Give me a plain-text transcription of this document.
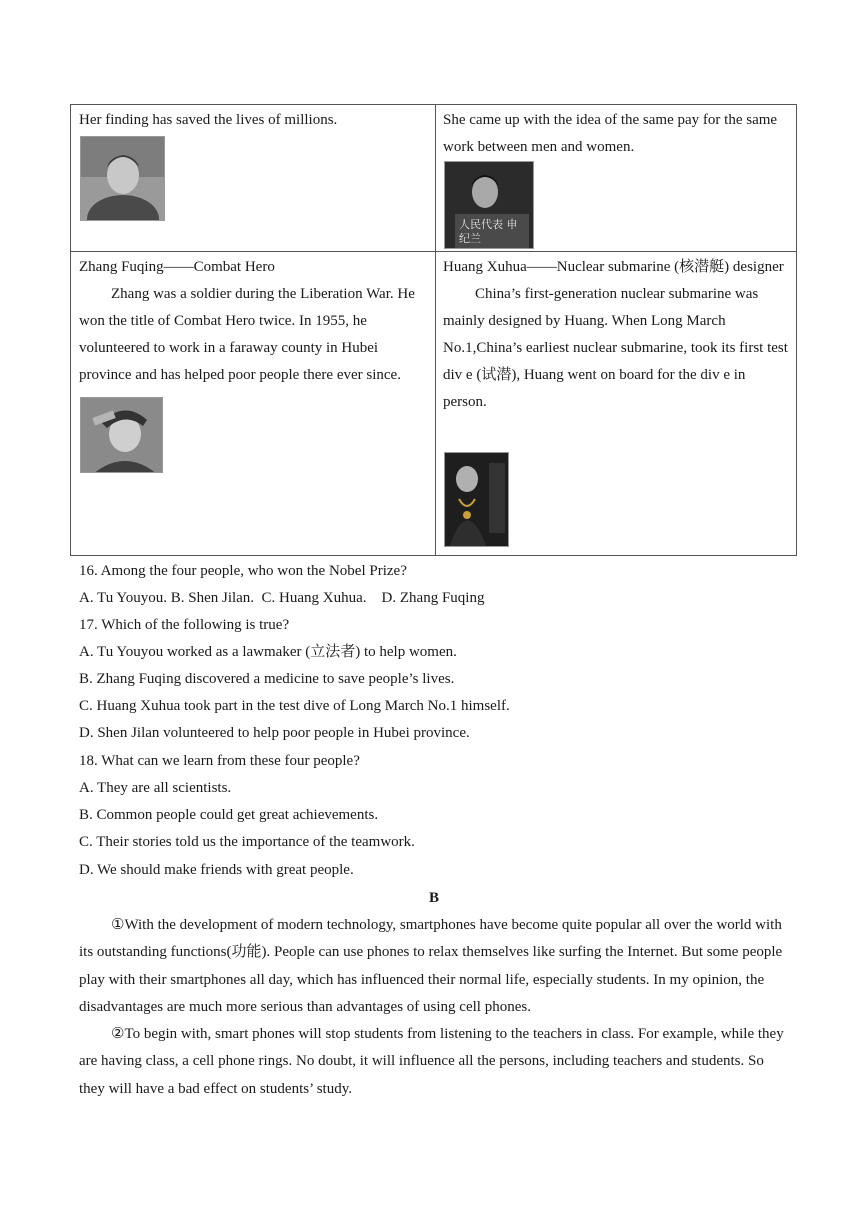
Her finding has saved the lives of millions.	She came up with the idea of the same pay for the same work between men and women.
人民代表 申纪兰
Zhang Fuqing——Combat Hero
Zhang was a soldier during the Liberation War. He won the title of Combat Hero twice. In 1955, he volunteered to work in a faraway county in Hubei province and has helped poor people there ever since.
Huang Xuhua——Nuclear submarine (核潜艇) designer
China’s first-generation nuclear submarine was mainly designed by Huang. When Long March No.1,China’s earliest nuclear submarine, took its first test div e (试潜), Huang went on board for the div e in person.
16. Among the four people, who won the Nobel Prize?
A. Tu Youyou. B. Shen Jilan.  C. Huang Xuhua.    D. Zhang Fuqing
17. Which of the following is true?
A. Tu Youyou worked as a lawmaker (立法者) to help women.
B. Zhang Fuqing discovered a medicine to save people’s lives.
C. Huang Xuhua took part in the test dive of Long March No.1 himself.
D. Shen Jilan volunteered to help poor people in Hubei province.
18. What can we learn from these four people?
A. They are all scientists.
B. Common people could get great achievements.
C. Their stories told us the importance of the teamwork.
D. We should make friends with great people.
B
①With the development of modern technology, smartphones have become quite popular all over the world with its outstanding functions(功能). People can use phones to relax themselves like surfing the Internet. But some people play with their smartphones all day, which has influenced their normal life, especially students. In my opinion, the disadvantages are much more serious than advantages of using cell phones.
②To begin with, smart phones will stop students from listening to the teachers in class. For example, while they are having class, a cell phone rings. No doubt, it will influence all the persons, including teachers and students. So they will have a bad effect on students’ study.
